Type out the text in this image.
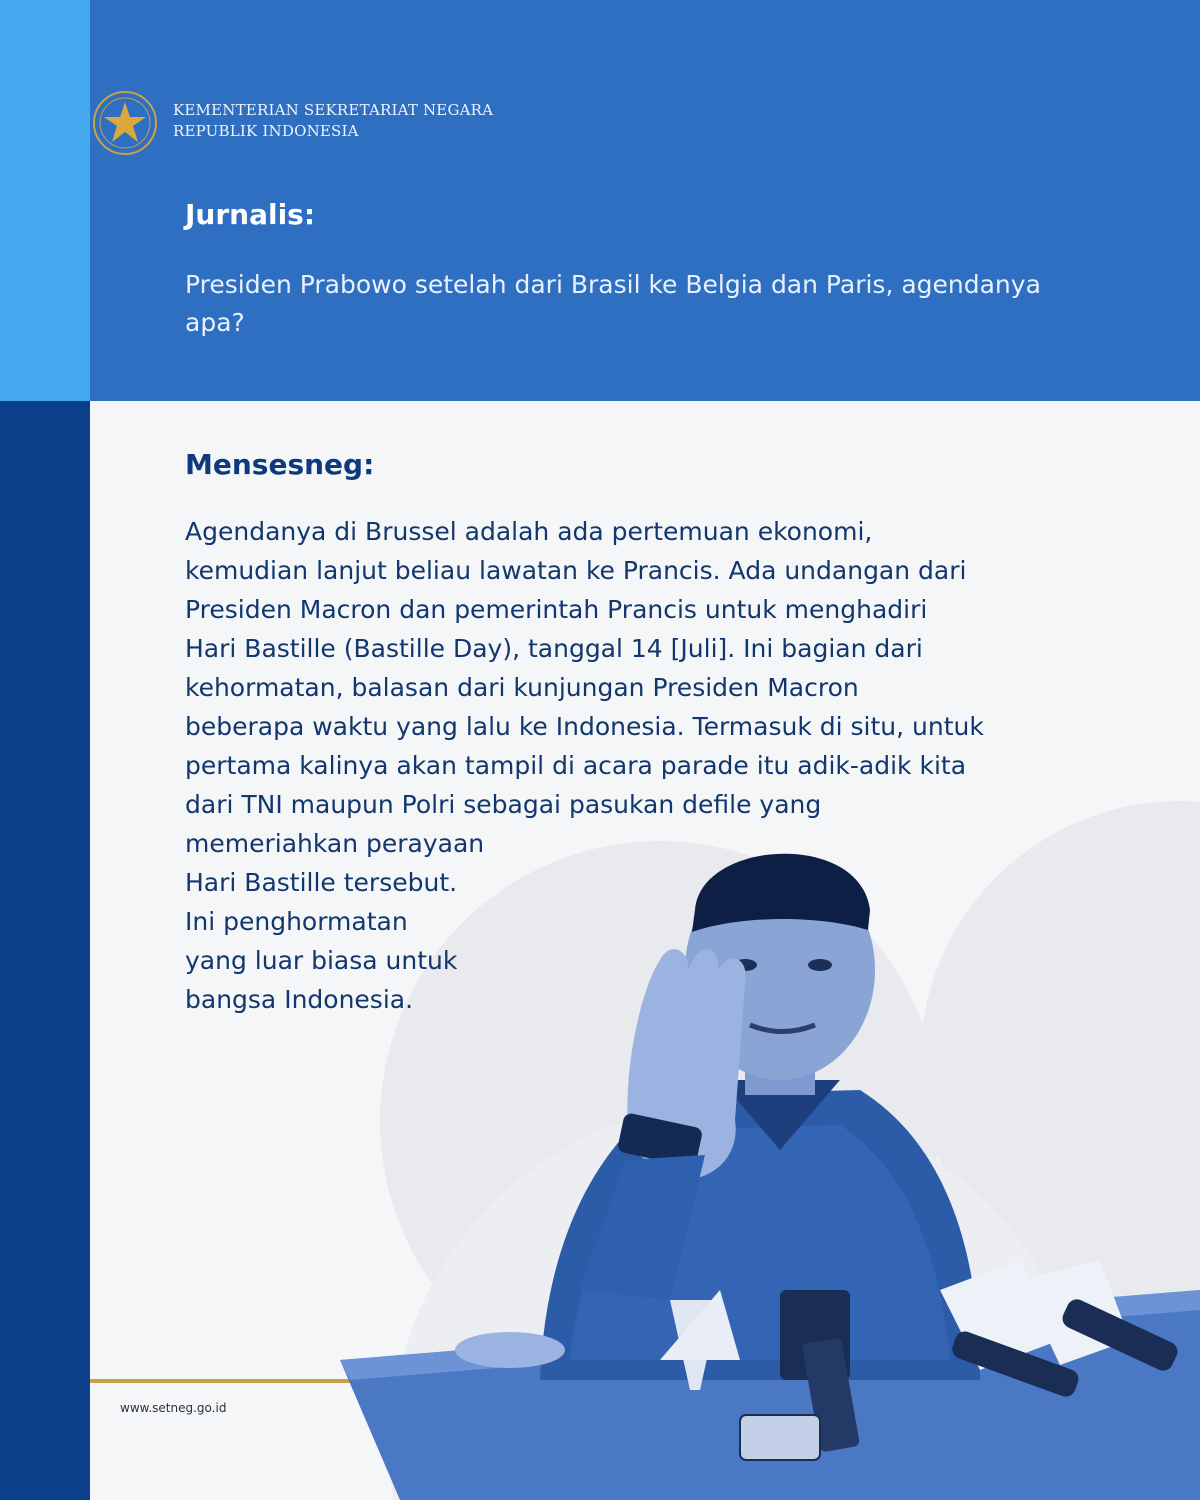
KEMENTERIAN SEKRETARIAT NEGARA
REPUBLIK INDONESIA
Jurnalis:
Presiden Prabowo setelah dari Brasil ke Belgia dan Paris, agendanya apa?
Mensesneg:
Agendanya di Brussel adalah ada pertemuan ekonomi,
kemudian lanjut beliau lawatan ke Prancis. Ada undangan dari
Presiden Macron dan pemerintah Prancis untuk menghadiri
Hari Bastille (Bastille Day), tanggal 14 [Juli]. Ini bagian dari
kehormatan, balasan dari kunjungan Presiden Macron
beberapa waktu yang lalu ke Indonesia. Termasuk di situ, untuk
pertama kalinya akan tampil di acara parade itu adik-adik kita
dari TNI maupun Polri sebagai pasukan defile yang
memeriahkan perayaan
Hari Bastille tersebut.
Ini penghormatan
yang luar biasa untuk
bangsa Indonesia.
www.setneg.go.id
